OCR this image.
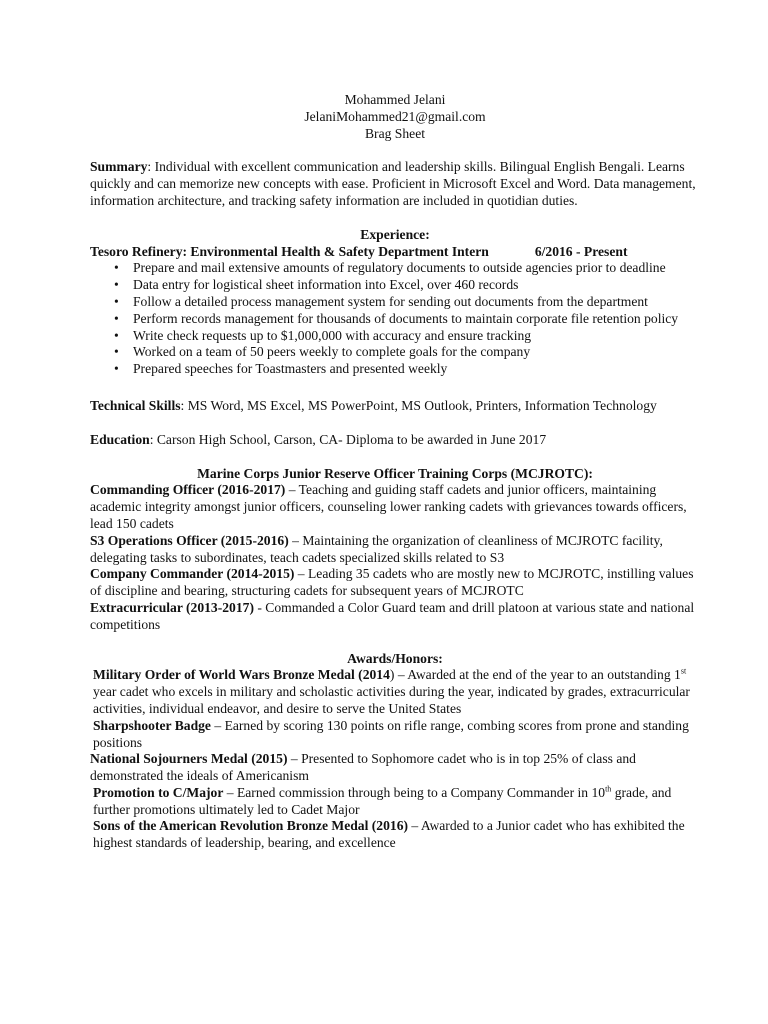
Mohammed Jelani
JelaniMohammed21@gmail.com
Brag Sheet

Summary: Individual with excellent communication and leadership skills. Bilingual English Bengali. Learns quickly and can memorize new concepts with ease. Proficient in Microsoft Excel and Word. Data management, information architecture, and tracking safety information are included in quotidian duties.

Experience:
Tesoro Refinery: Environmental Health & Safety Department Intern	6/2016 - Present
• Prepare and mail extensive amounts of regulatory documents to outside agencies prior to deadline
• Data entry for logistical sheet information into Excel, over 460 records
• Follow a detailed process management system for sending out documents from the department
• Perform records management for thousands of documents to maintain corporate file retention policy
• Write check requests up to $1,000,000 with accuracy and ensure tracking
• Worked on a team of 50 peers weekly to complete goals for the company
• Prepared speeches for Toastmasters and presented weekly

Technical Skills: MS Word, MS Excel, MS PowerPoint, MS Outlook, Printers, Information Technology

Education: Carson High School, Carson, CA- Diploma to be awarded in June 2017

Marine Corps Junior Reserve Officer Training Corps (MCJROTC):

Commanding Officer (2016-2017) – Teaching and guiding staff cadets and junior officers, maintaining academic integrity amongst junior officers, counseling lower ranking cadets with grievances towards officers, lead 150 cadets

S3 Operations Officer (2015-2016) – Maintaining the organization of cleanliness of MCJROTC facility, delegating tasks to subordinates, teach cadets specialized skills related to S3

Company Commander (2014-2015) – Leading 35 cadets who are mostly new to MCJROTC, instilling values of discipline and bearing, structuring cadets for subsequent years of MCJROTC

Extracurricular (2013-2017) - Commanded a Color Guard team and drill platoon at various state and national competitions

Awards/Honors:

Military Order of World Wars Bronze Medal (2014) – Awarded at the end of the year to an outstanding 1st year cadet who excels in military and scholastic activities during the year, indicated by grades, extracurricular activities, individual endeavor, and desire to serve the United States

Sharpshooter Badge – Earned by scoring 130 points on rifle range, combing scores from prone and standing positions

National Sojourners Medal (2015) – Presented to Sophomore cadet who is in top 25% of class and demonstrated the ideals of Americanism

Promotion to C/Major – Earned commission through being to a Company Commander in 10th grade, and further promotions ultimately led to Cadet Major

Sons of the American Revolution Bronze Medal (2016) – Awarded to a Junior cadet who has exhibited the highest standards of leadership, bearing, and excellence
